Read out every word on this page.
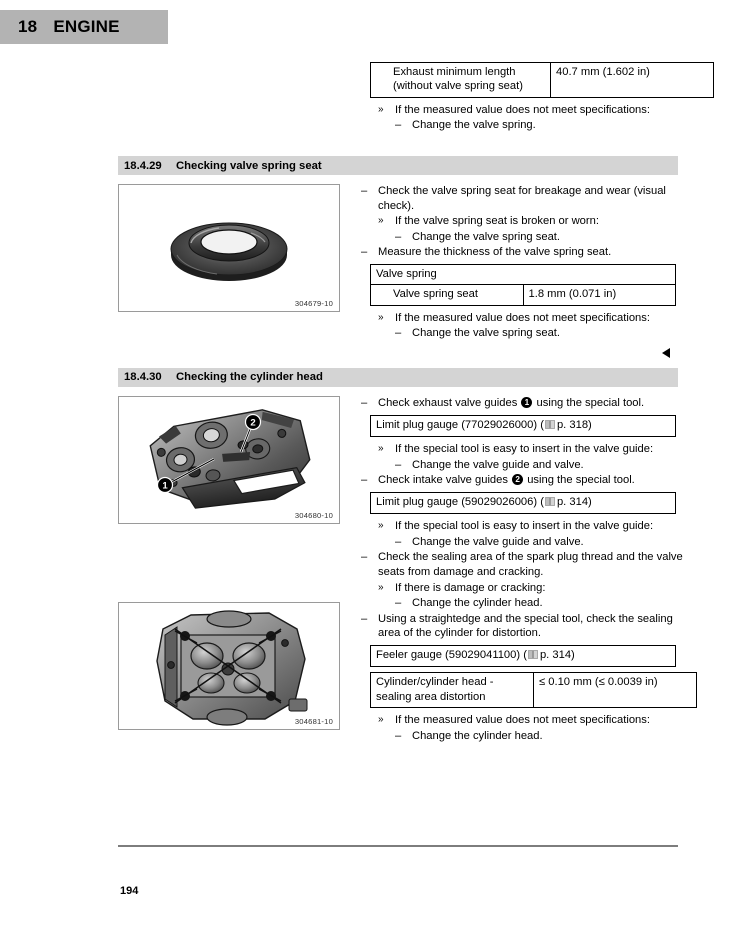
18 ENGINE
Exhaust minimum length (without valve spring seat)	40.7 mm (1.602 in)
»	If the measured value does not meet specifications:
– Change the valve spring.
18.4.29	Checking valve spring seat
304679-10
– Check the valve spring seat for breakage and wear (visual check).
»	If the valve spring seat is broken or worn:
– Change the valve spring seat.
– Measure the thickness of the valve spring seat.
Valve spring
Valve spring seat	1.8 mm (0.071 in)
»	If the measured value does not meet specifications:
– Change the valve spring seat.
18.4.30	Checking the cylinder head
1
2
304680-10
304681-10
– Check exhaust valve guides 1 using the special tool.
Limit plug gauge (77029026000) ( p. 318)
»	If the special tool is easy to insert in the valve guide:
– Change the valve guide and valve.
– Check intake valve guides 2 using the special tool.
Limit plug gauge (59029026006) ( p. 314)
»	If the special tool is easy to insert in the valve guide:
– Change the valve guide and valve.
– Check the sealing area of the spark plug thread and the valve seats from damage and cracking.
»	If there is damage or cracking:
– Change the cylinder head.
– Using a straightedge and the special tool, check the sealing area of the cylinder for distortion.
Feeler gauge (59029041100) ( p. 314)
Cylinder/cylinder head - sealing area distortion	≤ 0.10 mm (≤ 0.0039 in)
»	If the measured value does not meet specifications:
– Change the cylinder head.
194
